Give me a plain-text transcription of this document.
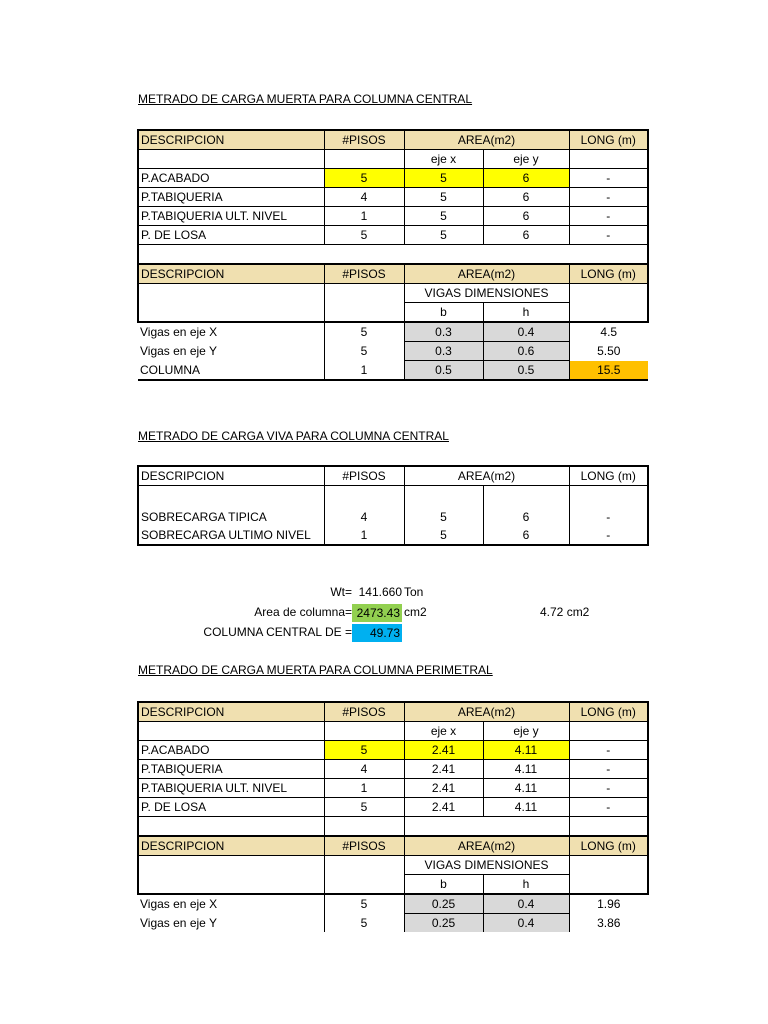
METRADO DE CARGA MUERTA PARA COLUMNA CENTRAL
DESCRIPCION	#PISOS	AREA(m2)		LONG (m)
		eje x	eje y	
P.ACABADO	5	5	6	-
P.TABIQUERIA	4	5	6	-
P.TABIQUERIA ULT. NIVEL	1	5	6	-
P. DE LOSA	5	5	6	-

DESCRIPCION	#PISOS	AREA(m2)		LONG (m)
		VIGAS DIMENSIONES		
		b	h	
Vigas en eje X	5	0.3	0.4	4.5
Vigas en eje Y	5	0.3	0.6	5.50
COLUMNA	1	0.5	0.5	15.5
METRADO DE CARGA VIVA PARA COLUMNA CENTRAL
DESCRIPCION	#PISOS	AREA(m2)		LONG (m)

SOBRECARGA TIPICA	4	5	6	-
SOBRECARGA ULTIMO NIVEL	1	5	6	-
Wt= 141.660 Ton
Area de columna= 2473.43 cm2	4.72 cm2
COLUMNA CENTRAL DE =	49.73
METRADO DE CARGA MUERTA PARA COLUMNA PERIMETRAL
DESCRIPCION	#PISOS	AREA(m2)		LONG (m)
		eje x	eje y	
P.ACABADO	5	2.41	4.11	-
P.TABIQUERIA	4	2.41	4.11	-
P.TABIQUERIA ULT. NIVEL	1	2.41	4.11	-
P. DE LOSA	5	2.41	4.11	-

DESCRIPCION	#PISOS	AREA(m2)		LONG (m)
		VIGAS DIMENSIONES		
		b	h	
Vigas en eje X	5	0.25	0.4	1.96
Vigas en eje Y	5	0.25	0.4	3.86
